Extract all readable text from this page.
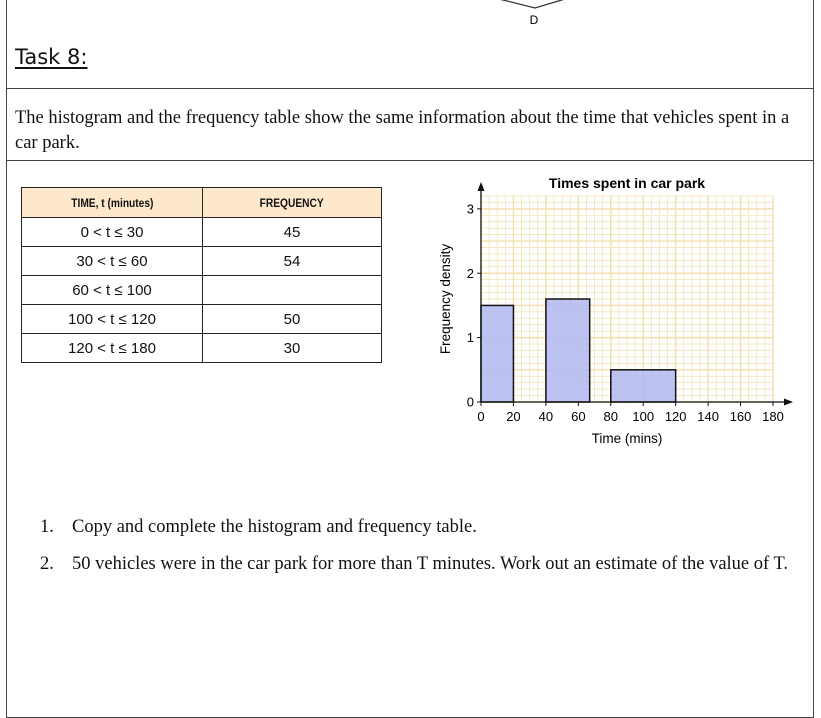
D
Task 8:
The histogram and the frequency table show the same information about the time that vehicles spent in a car park.
TIME, t (minutes)	FREQUENCY
0 < t ≤ 30	45
30 < t ≤ 60	54
60 < t ≤ 100	
100 < t ≤ 120	50
120 < t ≤ 180	30
0 20 40 60 80 100 120 140 160 180
0
1
2
3
Times spent in car park
Time (mins)
Frequency density
1. Copy and complete the histogram and frequency table.
2. 50 vehicles were in the car park for more than T minutes. Work out an estimate of the value of T.
